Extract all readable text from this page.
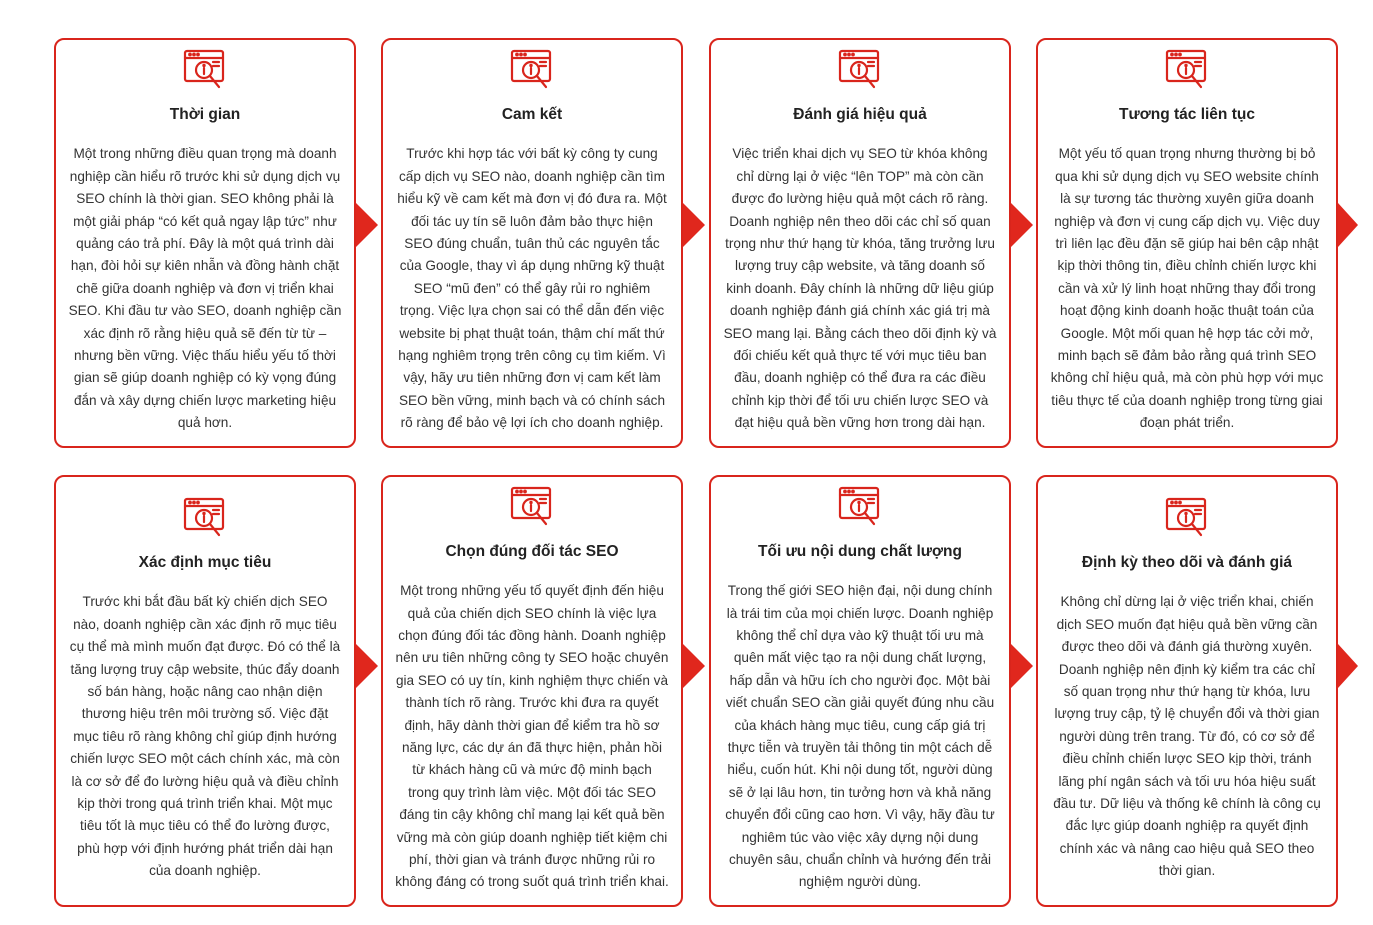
Thời gian

Một trong những điều quan trọng mà doanh nghiệp cần hiểu rõ trước khi sử dụng dịch vụ SEO chính là thời gian. SEO không phải là một giải pháp “có kết quả ngay lập tức” như quảng cáo trả phí. Đây là một quá trình dài hạn, đòi hỏi sự kiên nhẫn và đồng hành chặt chẽ giữa doanh nghiệp và đơn vị triển khai SEO. Khi đầu tư vào SEO, doanh nghiệp cần xác định rõ rằng hiệu quả sẽ đến từ từ – nhưng bền vững. Việc thấu hiểu yếu tố thời gian sẽ giúp doanh nghiệp có kỳ vọng đúng đắn và xây dựng chiến lược marketing hiệu quả hơn.

Cam kết

Trước khi hợp tác với bất kỳ công ty cung cấp dịch vụ SEO nào, doanh nghiệp cần tìm hiểu kỹ về cam kết mà đơn vị đó đưa ra. Một đối tác uy tín sẽ luôn đảm bảo thực hiện SEO đúng chuẩn, tuân thủ các nguyên tắc của Google, thay vì áp dụng những kỹ thuật SEO “mũ đen” có thể gây rủi ro nghiêm trọng. Việc lựa chọn sai có thể dẫn đến việc website bị phạt thuật toán, thậm chí mất thứ hạng nghiêm trọng trên công cụ tìm kiếm. Vì vậy, hãy ưu tiên những đơn vị cam kết làm SEO bền vững, minh bạch và có chính sách rõ ràng để bảo vệ lợi ích cho doanh nghiệp.

Đánh giá hiệu quả

Việc triển khai dịch vụ SEO từ khóa không chỉ dừng lại ở việc “lên TOP” mà còn cần được đo lường hiệu quả một cách rõ ràng. Doanh nghiệp nên theo dõi các chỉ số quan trọng như thứ hạng từ khóa, tăng trưởng lưu lượng truy cập website, và tăng doanh số kinh doanh. Đây chính là những dữ liệu giúp doanh nghiệp đánh giá chính xác giá trị mà SEO mang lại. Bằng cách theo dõi định kỳ và đối chiếu kết quả thực tế với mục tiêu ban đầu, doanh nghiệp có thể đưa ra các điều chỉnh kịp thời để tối ưu chiến lược SEO và đạt hiệu quả bền vững hơn trong dài hạn.

Tương tác liên tục

Một yếu tố quan trọng nhưng thường bị bỏ qua khi sử dụng dịch vụ SEO website chính là sự tương tác thường xuyên giữa doanh nghiệp và đơn vị cung cấp dịch vụ. Việc duy trì liên lạc đều đặn sẽ giúp hai bên cập nhật kịp thời thông tin, điều chỉnh chiến lược khi cần và xử lý linh hoạt những thay đổi trong hoạt động kinh doanh hoặc thuật toán của Google. Một mối quan hệ hợp tác cởi mở, minh bạch sẽ đảm bảo rằng quá trình SEO không chỉ hiệu quả, mà còn phù hợp với mục tiêu thực tế của doanh nghiệp trong từng giai đoạn phát triển.

Xác định mục tiêu

Trước khi bắt đầu bất kỳ chiến dịch SEO nào, doanh nghiệp cần xác định rõ mục tiêu cụ thể mà mình muốn đạt được. Đó có thể là tăng lượng truy cập website, thúc đẩy doanh số bán hàng, hoặc nâng cao nhận diện thương hiệu trên môi trường số. Việc đặt mục tiêu rõ ràng không chỉ giúp định hướng chiến lược SEO một cách chính xác, mà còn là cơ sở để đo lường hiệu quả và điều chỉnh kịp thời trong quá trình triển khai. Một mục tiêu tốt là mục tiêu có thể đo lường được, phù hợp với định hướng phát triển dài hạn của doanh nghiệp.

Chọn đúng đối tác SEO

Một trong những yếu tố quyết định đến hiệu quả của chiến dịch SEO chính là việc lựa chọn đúng đối tác đồng hành. Doanh nghiệp nên ưu tiên những công ty SEO hoặc chuyên gia SEO có uy tín, kinh nghiệm thực chiến và thành tích rõ ràng. Trước khi đưa ra quyết định, hãy dành thời gian để kiểm tra hồ sơ năng lực, các dự án đã thực hiện, phản hồi từ khách hàng cũ và mức độ minh bạch trong quy trình làm việc. Một đối tác SEO đáng tin cậy không chỉ mang lại kết quả bền vững mà còn giúp doanh nghiệp tiết kiệm chi phí, thời gian và tránh được những rủi ro không đáng có trong suốt quá trình triển khai.

Tối ưu nội dung chất lượng

Trong thế giới SEO hiện đại, nội dung chính là trái tim của mọi chiến lược. Doanh nghiệp không thể chỉ dựa vào kỹ thuật tối ưu mà quên mất việc tạo ra nội dung chất lượng, hấp dẫn và hữu ích cho người đọc. Một bài viết chuẩn SEO cần giải quyết đúng nhu cầu của khách hàng mục tiêu, cung cấp giá trị thực tiễn và truyền tải thông tin một cách dễ hiểu, cuốn hút. Khi nội dung tốt, người dùng sẽ ở lại lâu hơn, tin tưởng hơn và khả năng chuyển đổi cũng cao hơn. Vì vậy, hãy đầu tư nghiêm túc vào việc xây dựng nội dung chuyên sâu, chuẩn chỉnh và hướng đến trải nghiệm người dùng.

Định kỳ theo dõi và đánh giá

Không chỉ dừng lại ở việc triển khai, chiến dịch SEO muốn đạt hiệu quả bền vững cần được theo dõi và đánh giá thường xuyên. Doanh nghiệp nên định kỳ kiểm tra các chỉ số quan trọng như thứ hạng từ khóa, lưu lượng truy cập, tỷ lệ chuyển đổi và thời gian người dùng trên trang. Từ đó, có cơ sở để điều chỉnh chiến lược SEO kịp thời, tránh lãng phí ngân sách và tối ưu hóa hiệu suất đầu tư. Dữ liệu và thống kê chính là công cụ đắc lực giúp doanh nghiệp ra quyết định chính xác và nâng cao hiệu quả SEO theo thời gian.
